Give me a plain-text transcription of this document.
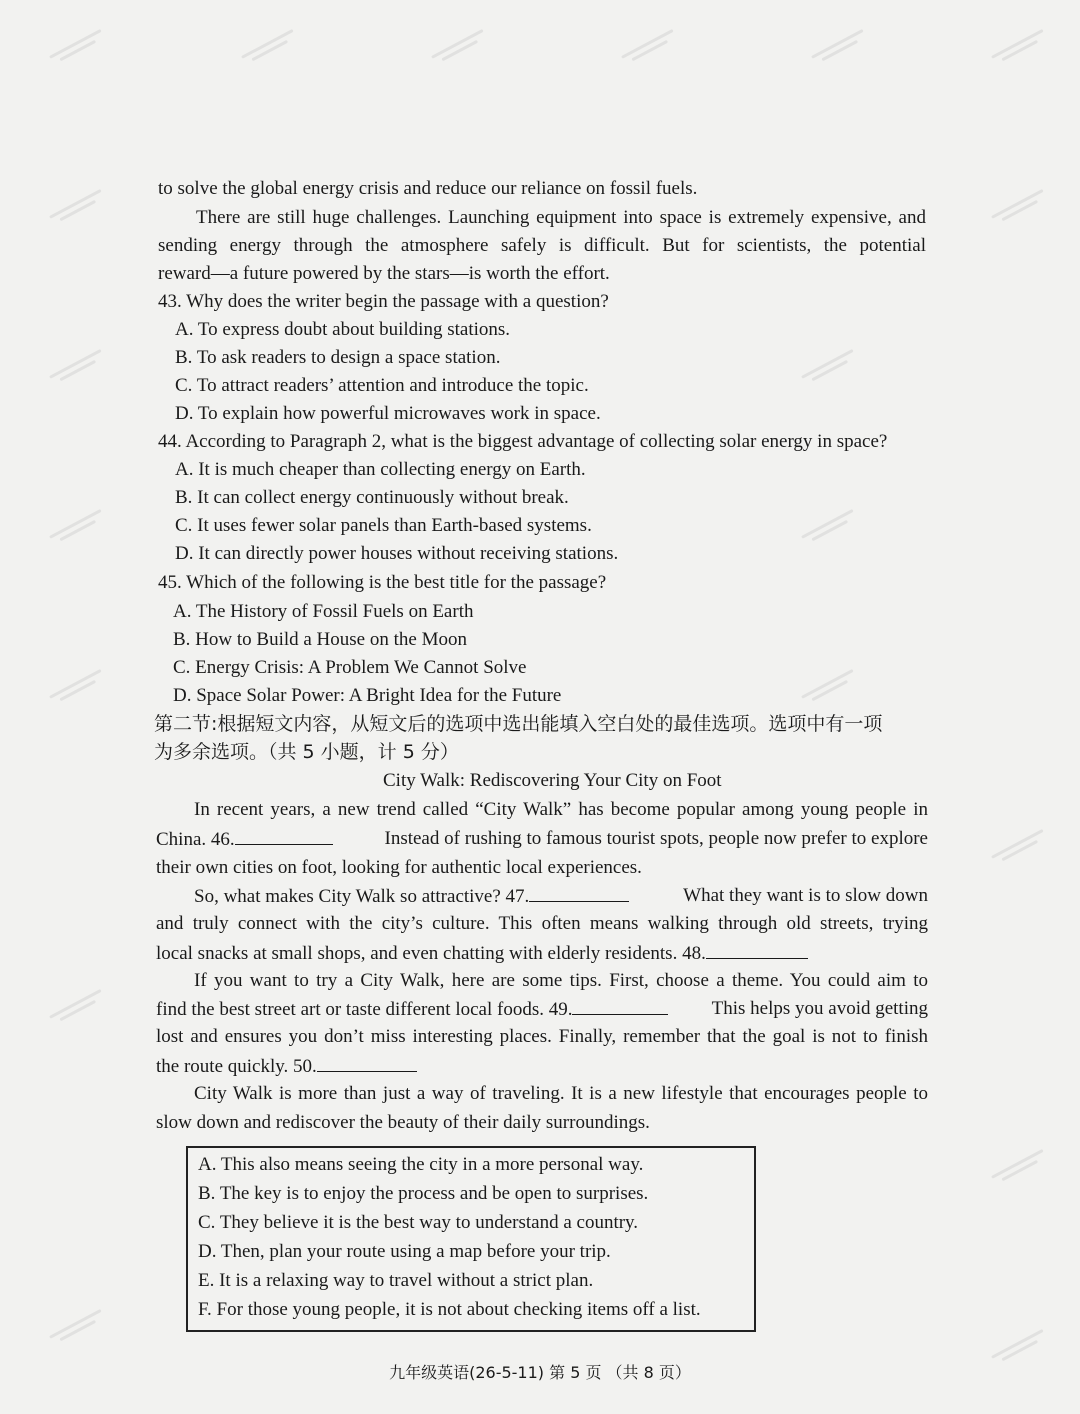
to solve the global energy crisis and reduce our reliance on fossil fuels.
There are still huge challenges. Launching equipment into space is extremely expensive, and
sending energy through the atmosphere safely is difficult. But for scientists, the potential
reward—a future powered by the stars—is worth the effort.
43. Why does the writer begin the passage with a question?
A. To express doubt about building stations.
B. To ask readers to design a space station.
C. To attract readers’ attention and introduce the topic.
D. To explain how powerful microwaves work in space.
44. According to Paragraph 2, what is the biggest advantage of collecting solar energy in space?
A. It is much cheaper than collecting energy on Earth.
B. It can collect energy continuously without break.
C. It uses fewer solar panels than Earth-based systems.
D. It can directly power houses without receiving stations.
45. Which of the following is the best title for the passage?
A. The History of Fossil Fuels on Earth
B. How to Build a House on the Moon
C. Energy Crisis: A Problem We Cannot Solve
D. Space Solar Power: A Bright Idea for the Future
第二节:根据短文内容，从短文后的选项中选出能填入空白处的最佳选项。选项中有一项
为多余选项。（共 5 小题，计 5 分）
City Walk: Rediscovering Your City on Foot
In recent years, a new trend called “City Walk” has become popular among young people in
China. 46.	Instead of rushing to famous tourist spots, people now prefer to explore
their own cities on foot, looking for authentic local experiences.
So, what makes City Walk so attractive? 47.	What they want is to slow down
and truly connect with the city’s culture. This often means walking through old streets, trying
local snacks at small shops, and even chatting with elderly residents. 48.
If you want to try a City Walk, here are some tips. First, choose a theme. You could aim to
find the best street art or taste different local foods. 49.	This helps you avoid getting
lost and ensures you don’t miss interesting places. Finally, remember that the goal is not to finish
the route quickly. 50.
City Walk is more than just a way of traveling. It is a new lifestyle that encourages people to
slow down and rediscover the beauty of their daily surroundings.
A. This also means seeing the city in a more personal way.
B. The key is to enjoy the process and be open to surprises.
C. They believe it is the best way to understand a country.
D. Then, plan your route using a map before your trip.
E. It is a relaxing way to travel without a strict plan.
F. For those young people, it is not about checking items off a list.
九年级英语(26-5-11) 第 5 页 （共 8 页）
